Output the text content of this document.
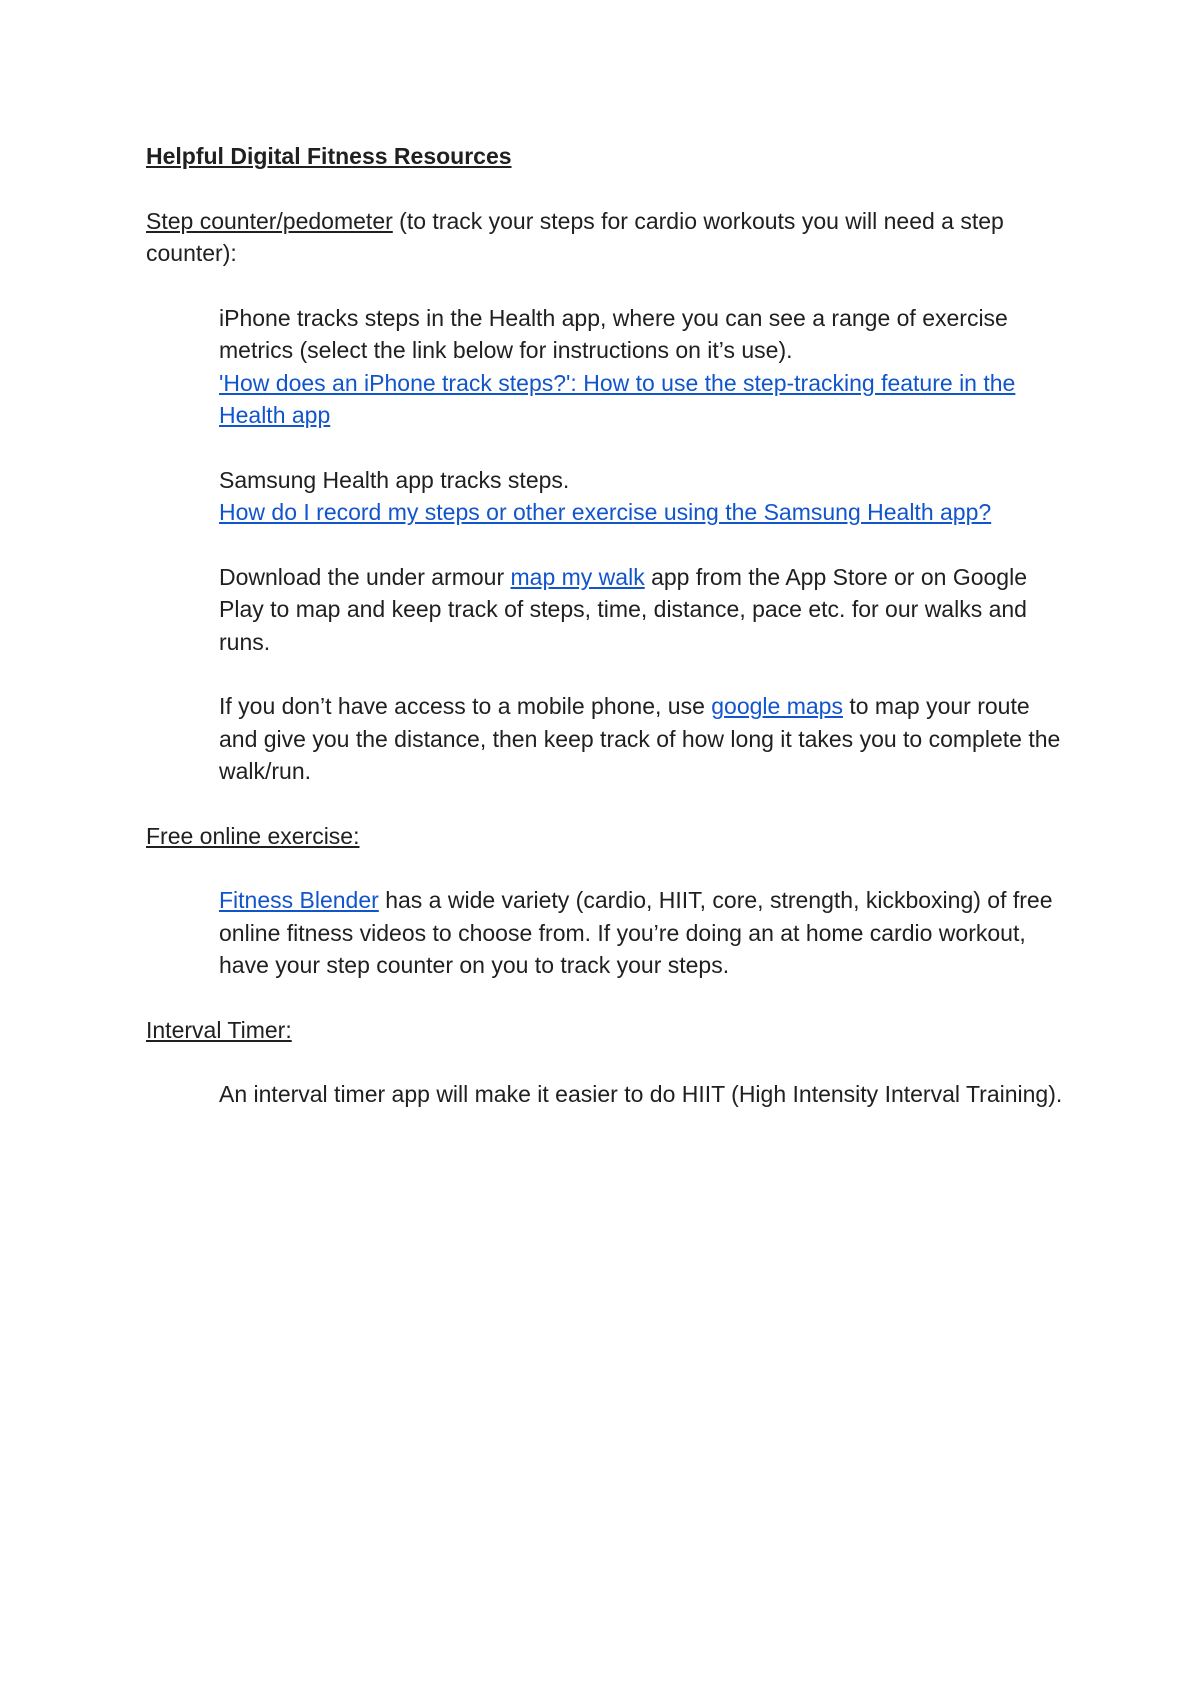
Helpful Digital Fitness Resources

Step counter/pedometer (to track your steps for cardio workouts you will need a step counter):

iPhone tracks steps in the Health app, where you can see a range of exercise metrics (select the link below for instructions on it’s use).

'How does an iPhone track steps?': How to use the step-tracking feature in the Health app

Samsung Health app tracks steps.

How do I record my steps or other exercise using the Samsung Health app?

Download the under armour map my walk app from the App Store or on Google Play to map and keep track of steps, time, distance, pace etc. for our walks and runs.

If you don’t have access to a mobile phone, use google maps to map your route and give you the distance, then keep track of how long it takes you to complete the walk/run.

Free online exercise:

Fitness Blender has a wide variety (cardio, HIIT, core, strength, kickboxing) of free online fitness videos to choose from. If you’re doing an at home cardio workout, have your step counter on you to track your steps.

Interval Timer:

An interval timer app will make it easier to do HIIT (High Intensity Interval Training).
